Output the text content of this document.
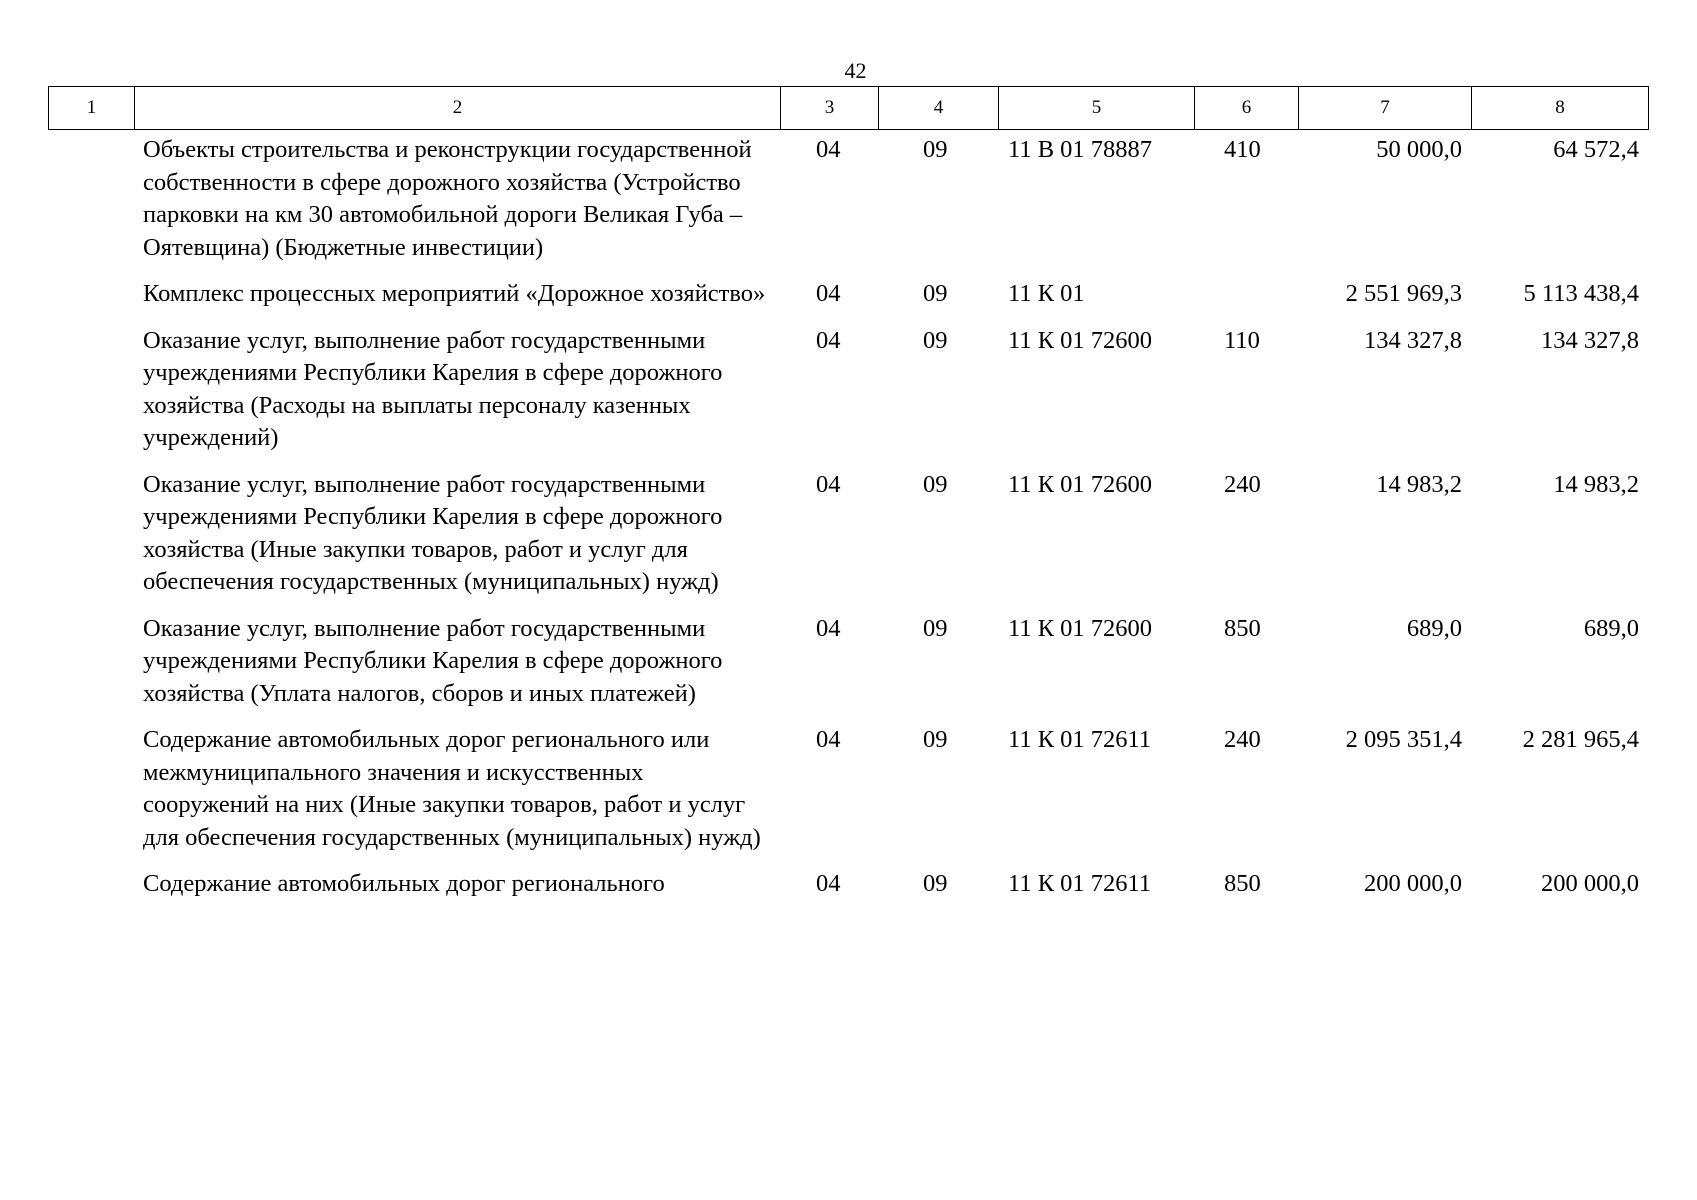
42
1	2	3	4	5	6	7	8
	Объекты строительства и реконструкции государственной собственности в сфере дорожного хозяйства (Устройство парковки на км 30 автомобильной дороги Великая Губа – Оятевщина) (Бюджетные инвестиции)	04	09	11 В 01 78887	410	50 000,0	64 572,4
	Комплекс процессных мероприятий «Дорожное хозяйство»	04	09	11 К 01		2 551 969,3	5 113 438,4
	Оказание услуг, выполнение работ государственными учреждениями Республики Карелия в сфере дорожного хозяйства (Расходы на выплаты персоналу казенных учреждений)	04	09	11 К 01 72600	110	134 327,8	134 327,8
	Оказание услуг, выполнение работ государственными учреждениями Республики Карелия в сфере дорожного хозяйства (Иные закупки товаров, работ и услуг для обеспечения государственных (муниципальных) нужд)	04	09	11 К 01 72600	240	14 983,2	14 983,2
	Оказание услуг, выполнение работ государственными учреждениями Республики Карелия в сфере дорожного хозяйства (Уплата налогов, сборов и иных платежей)	04	09	11 К 01 72600	850	689,0	689,0
	Содержание автомобильных дорог регионального или межмуниципального значения и искусственных сооружений на них (Иные закупки товаров, работ и услуг для обеспечения государственных (муниципальных) нужд)	04	09	11 К 01 72611	240	2 095 351,4	2 281 965,4
	Содержание автомобильных дорог регионального	04	09	11 К 01 72611	850	200 000,0	200 000,0
